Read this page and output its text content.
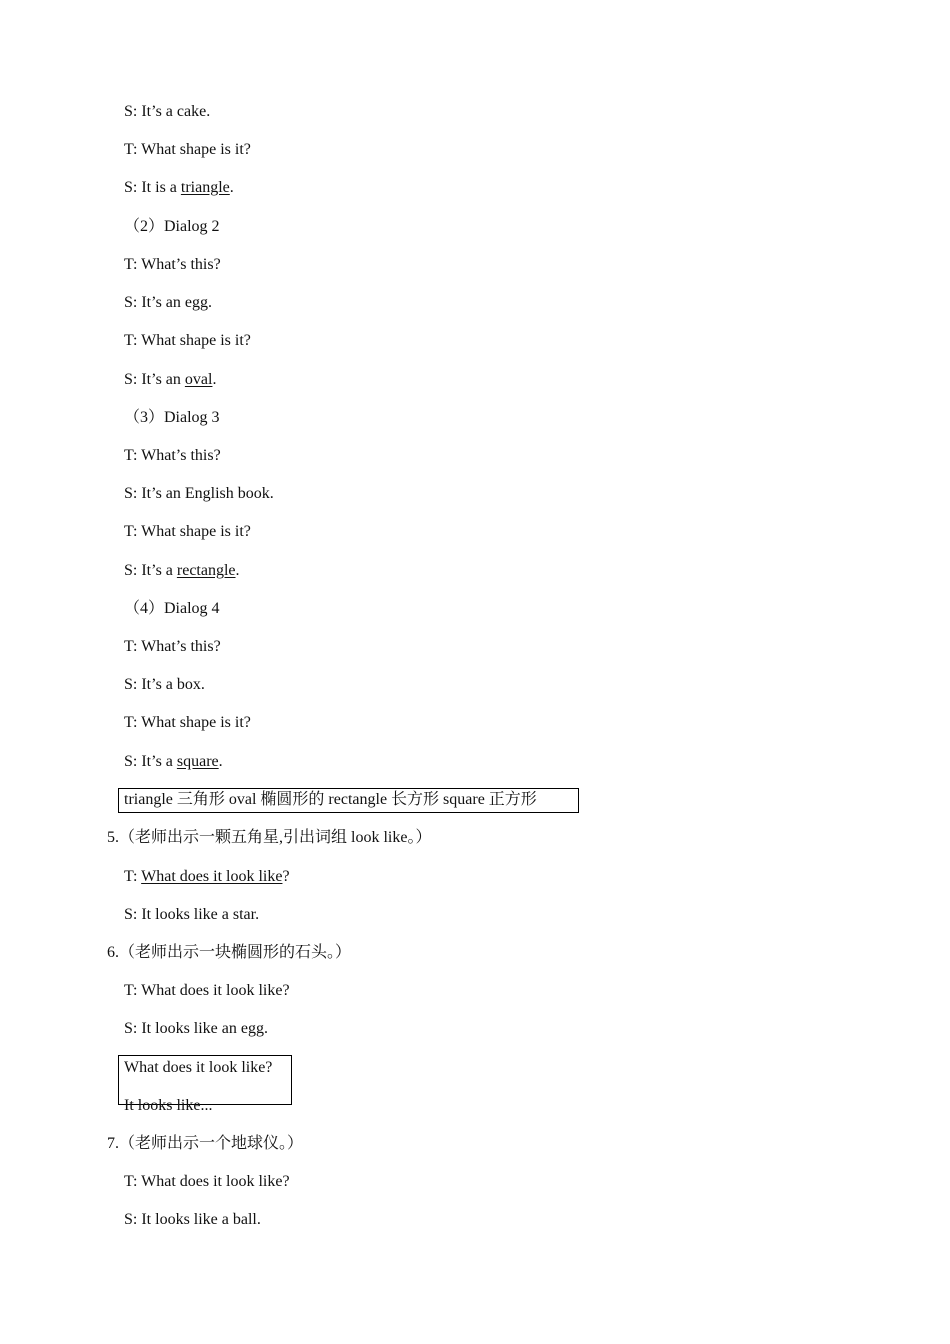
S: It’s a cake.
T: What shape is it?
S: It is a triangle.
（2）Dialog 2
T: What’s this?
S: It’s an egg.
T: What shape is it?
S: It’s an oval.
（3）Dialog 3
T: What’s this?
S: It’s an English book.
T: What shape is it?
S: It’s a rectangle.
（4）Dialog 4
T: What’s this?
S: It’s a box.
T: What shape is it?
S: It’s a square.
triangle 三角形 oval 椭圆形的 rectangle 长方形 square 正方形
5.（老师出示一颗五角星,引出词组 look like。）
T: What does it look like?
S: It looks like a star.
6.（老师出示一块椭圆形的石头。）
T: What does it look like?
S: It looks like an egg.
What does it look like?
It looks like...
7.（老师出示一个地球仪。）
T: What does it look like?
S: It looks like a ball.
